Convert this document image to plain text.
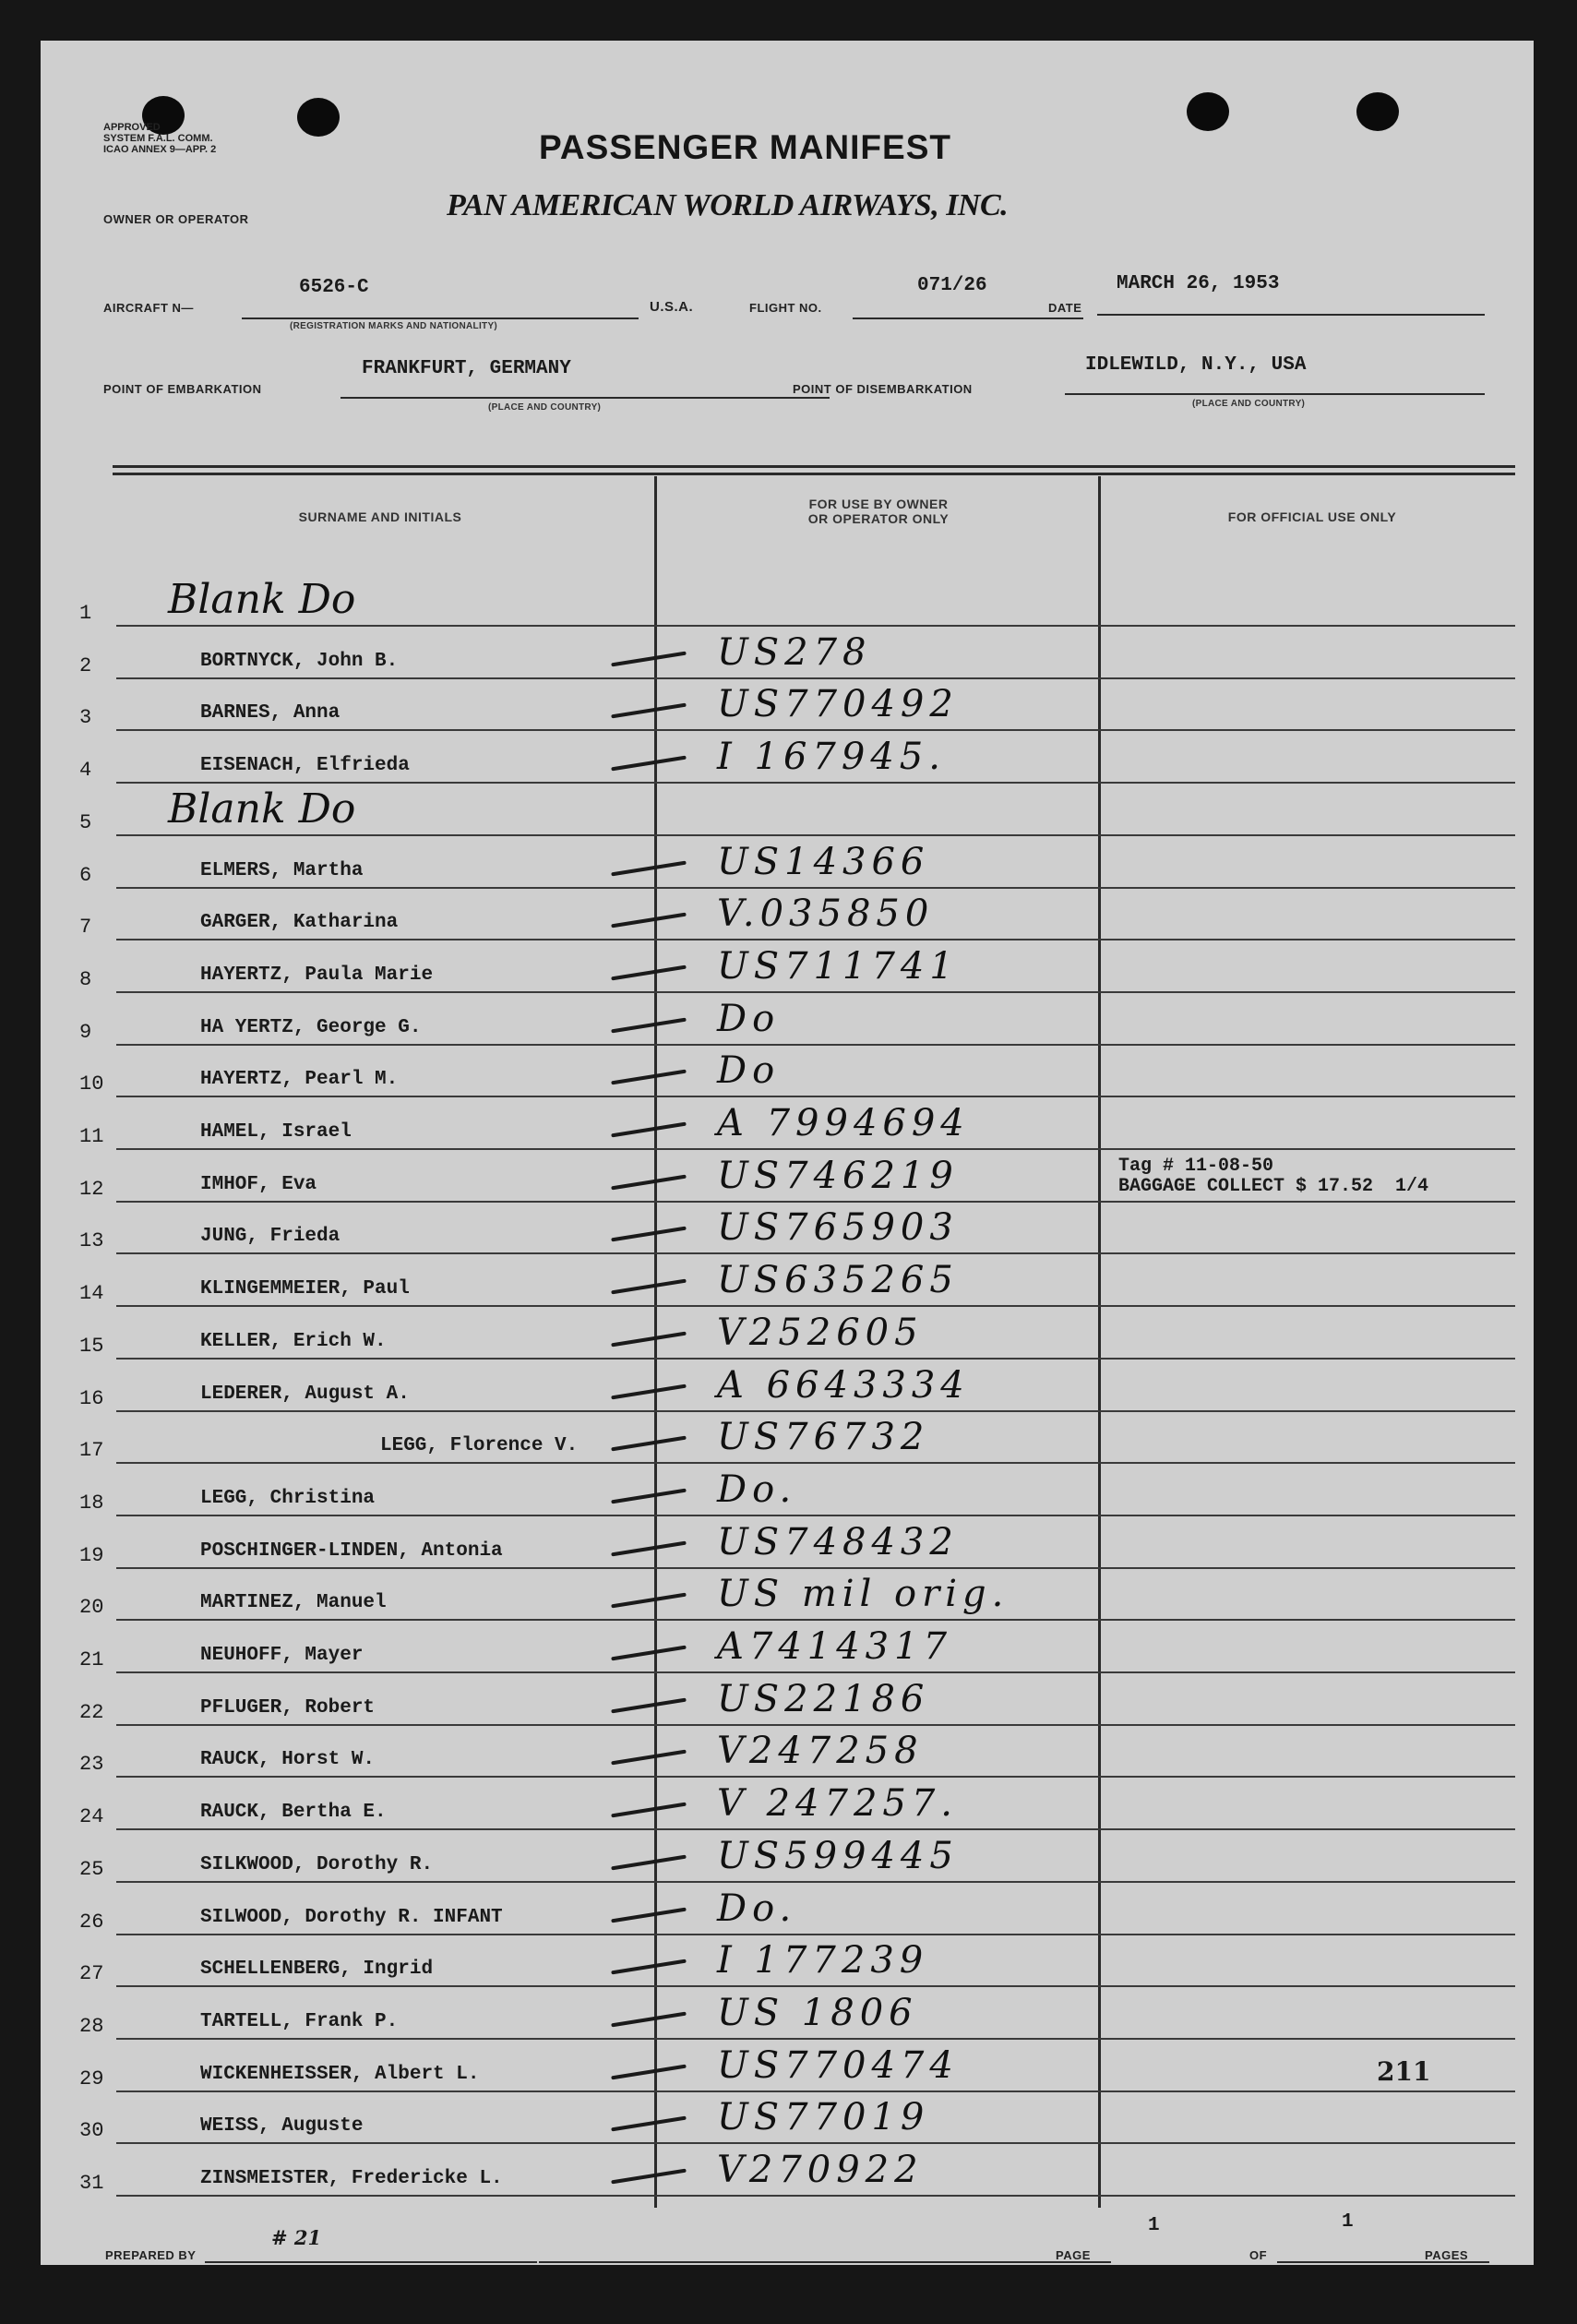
APPROVED
SYSTEM F.A.L. COMM.
ICAO ANNEX 9—APP. 2
OWNER OR OPERATOR
PASSENGER MANIFEST
PAN AMERICAN WORLD AIRWAYS, INC.
AIRCRAFT N—
6526-C
(REGISTRATION MARKS AND NATIONALITY)
U.S.A.	FLIGHT NO.
071/26
DATE
MARCH 26, 1953
POINT OF EMBARKATION
FRANKFURT, GERMANY
(PLACE AND COUNTRY)
POINT OF DISEMBARKATION
IDLEWILD, N.Y., USA
(PLACE AND COUNTRY)
SURNAME AND INITIALS
FOR USE BY OWNER
OR OPERATOR ONLY	FOR OFFICIAL USE ONLY
1 Blank Do
2	BORTNYCK, John B.	US278
3	BARNES, Anna	US770492
4	EISENACH, Elfrieda	I 167945.
5 Blank Do
6	ELMERS, Martha	US14366
7	GARGER, Katharina	V.035850
8	HAYERTZ, Paula Marie	US711741
9	HA YERTZ, George G.	Do
10	HAYERTZ, Pearl M.	Do
11	HAMEL, Israel	A 7994694
12	IMHOF, Eva	US746219	Tag # 11-08-50
BAGGAGE COLLECT $ 17.52  1/4
13	JUNG, Frieda	US765903
14	KLINGEMMEIER, Paul	US635265
15	KELLER, Erich W.	V252605
16	LEDERER, August A.	A 6643334
17	LEGG, Florence V.	US76732
18	LEGG, Christina	Do.
19	POSCHINGER-LINDEN, Antonia	US748432
20	MARTINEZ, Manuel	US mil orig.
21	NEUHOFF, Mayer	A7414317
22	PFLUGER, Robert	US22186
23	RAUCK, Horst W.	V247258
24	RAUCK, Bertha E.	V 247257.
25	SILKWOOD, Dorothy R.	US599445
26	SILWOOD, Dorothy R. INFANT	Do.
27	SCHELLENBERG, Ingrid	I 177239
28	TARTELL, Frank P.	US 1806
29	WICKENHEISSER, Albert L.	US770474	211
30	WEISS, Auguste	US77019
31	ZINSMEISTER, Fredericke L.	V270922
PREPARED BY
# 21
PAGE
1
OF
1
PAGES
